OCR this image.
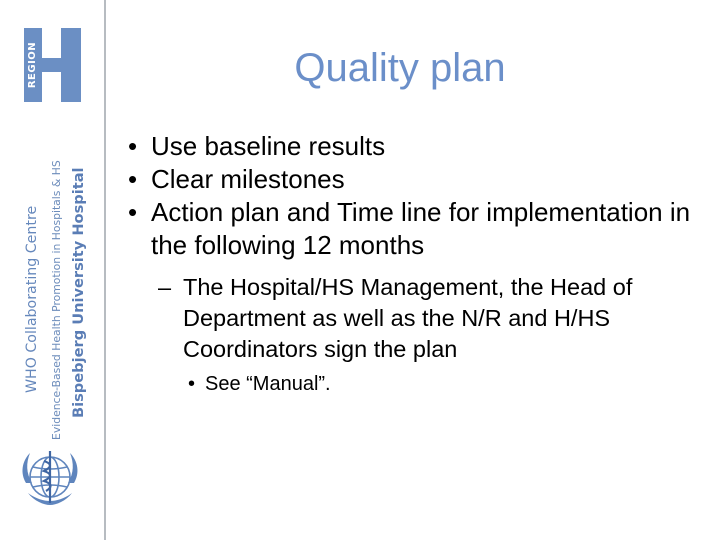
REGION
WHO Collaborating Centre Evidence-Based Health Promotion in Hospitals & HS Bispebjerg University Hospital
Quality plan
• Use baseline results
• Clear milestones
• Action plan and Time line for implementation in the following 12 months
– The Hospital/HS Management, the Head of Department as well as the N/R and H/HS Coordinators sign the plan
• See “Manual”.
